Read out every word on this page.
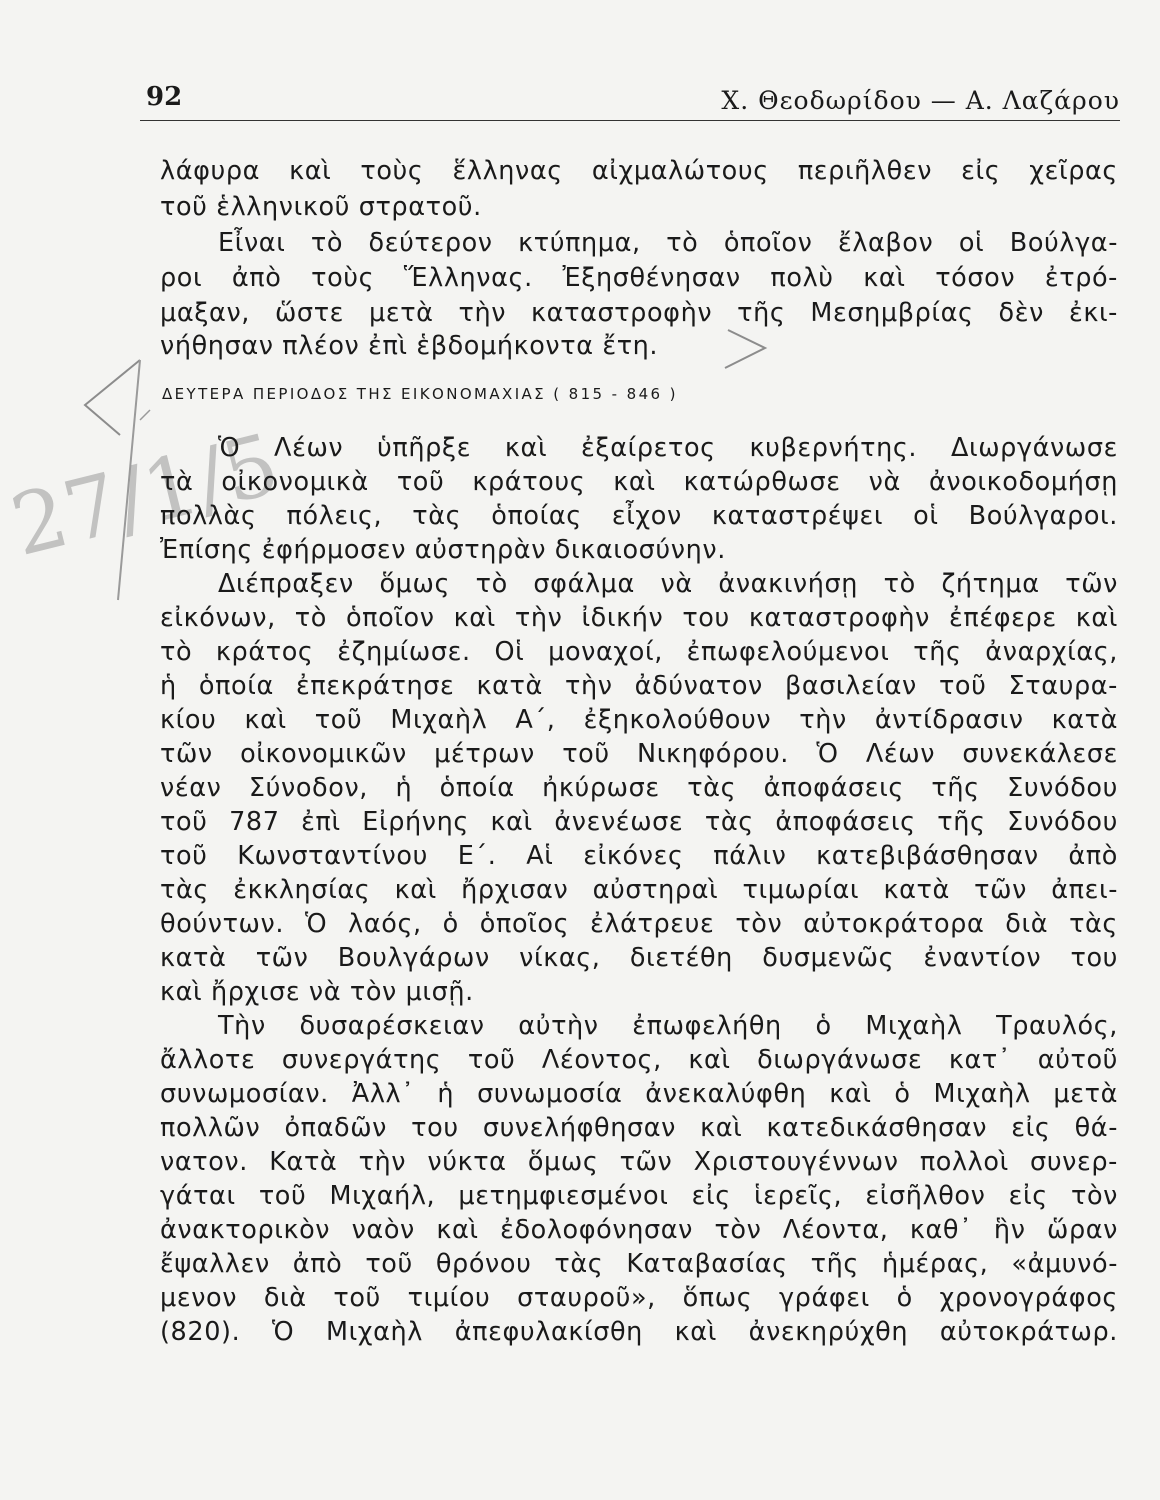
27/1/5
92	Χ. Θεοδωρίδου — Α. Λαζάρου
λάφυρα καὶ τοὺς ἕλληνας αἰχμαλώτους περιῆλθεν εἰς χεῖρας
τοῦ ἑλληνικοῦ στρατοῦ.
Εἶναι τὸ δεύτερον κτύπημα, τὸ ὁποῖον ἔλαβον οἱ Βούλγα-
ροι ἀπὸ τοὺς Ἕλληνας. Ἐξησθένησαν πολὺ καὶ τόσον ἐτρό-
μαξαν, ὥστε μετὰ τὴν καταστροφὴν τῆς Μεσημβρίας δὲν ἐκι-
νήθησαν πλέον ἐπὶ ἑβδομήκοντα ἔτη.
ΔΕΥΤΕΡΑ ΠΕΡΙΟΔΟΣ ΤΗΣ ΕΙΚΟΝΟΜΑΧΙΑΣ ( 815 - 846 )
Ὁ Λέων ὑπῆρξε καὶ ἐξαίρετος κυβερνήτης. Διωργάνωσε
τὰ οἰκονομικὰ τοῦ κράτους καὶ κατώρθωσε νὰ ἀνοικοδομήσῃ
πολλὰς πόλεις, τὰς ὁποίας εἶχον καταστρέψει οἱ Βούλγαροι.
Ἐπίσης ἐφήρμοσεν αὐστηρὰν δικαιοσύνην.
Διέπραξεν ὅμως τὸ σφάλμα νὰ ἀνακινήσῃ τὸ ζήτημα τῶν
εἰκόνων, τὸ ὁποῖον καὶ τὴν ἰδικήν του καταστροφὴν ἐπέφερε καὶ
τὸ κράτος ἐζημίωσε. Οἱ μοναχοί, ἐπωφελούμενοι τῆς ἀναρχίας,
ἡ ὁποία ἐπεκράτησε κατὰ τὴν ἀδύνατον βασιλείαν τοῦ Σταυρα-
κίου καὶ τοῦ Μιχαὴλ Α΄, ἐξηκολούθουν τὴν ἀντίδρασιν κατὰ
τῶν οἰκονομικῶν μέτρων τοῦ Νικηφόρου. Ὁ Λέων συνεκάλεσε
νέαν Σύνοδον, ἡ ὁποία ἠκύρωσε τὰς ἀποφάσεις τῆς Συνόδου
τοῦ 787 ἐπὶ Εἰρήνης καὶ ἀνενέωσε τὰς ἀποφάσεις τῆς Συνόδου
τοῦ Κωνσταντίνου Ε΄. Αἱ εἰκόνες πάλιν κατεβιβάσθησαν ἀπὸ
τὰς ἐκκλησίας καὶ ἤρχισαν αὐστηραὶ τιμωρίαι κατὰ τῶν ἀπει-
θούντων. Ὁ λαός, ὁ ὁποῖος ἐλάτρευε τὸν αὐτοκράτορα διὰ τὰς
κατὰ τῶν Βουλγάρων νίκας, διετέθη δυσμενῶς ἐναντίον του
καὶ ἤρχισε νὰ τὸν μισῇ.
Τὴν δυσαρέσκειαν αὐτὴν ἐπωφελήθη ὁ Μιχαὴλ Τραυλός,
ἄλλοτε συνεργάτης τοῦ Λέοντος, καὶ διωργάνωσε κατ᾽ αὐτοῦ
συνωμοσίαν. Ἀλλ᾽ ἡ συνωμοσία ἀνεκαλύφθη καὶ ὁ Μιχαὴλ μετὰ
πολλῶν ὀπαδῶν του συνελήφθησαν καὶ κατεδικάσθησαν εἰς θά-
νατον. Κατὰ τὴν νύκτα ὅμως τῶν Χριστουγέννων πολλοὶ συνερ-
γάται τοῦ Μιχαήλ, μετημφιεσμένοι εἰς ἱερεῖς, εἰσῆλθον εἰς τὸν
ἀνακτορικὸν ναὸν καὶ ἐδολοφόνησαν τὸν Λέοντα, καθ᾽ ἣν ὥραν
ἔψαλλεν ἀπὸ τοῦ θρόνου τὰς Καταβασίας τῆς ἡμέρας, «ἀμυνό-
μενον διὰ τοῦ τιμίου σταυροῦ», ὅπως γράφει ὁ χρονογράφος
(820). Ὁ Μιχαὴλ ἀπεφυλακίσθη καὶ ἀνεκηρύχθη αὐτοκράτωρ.
